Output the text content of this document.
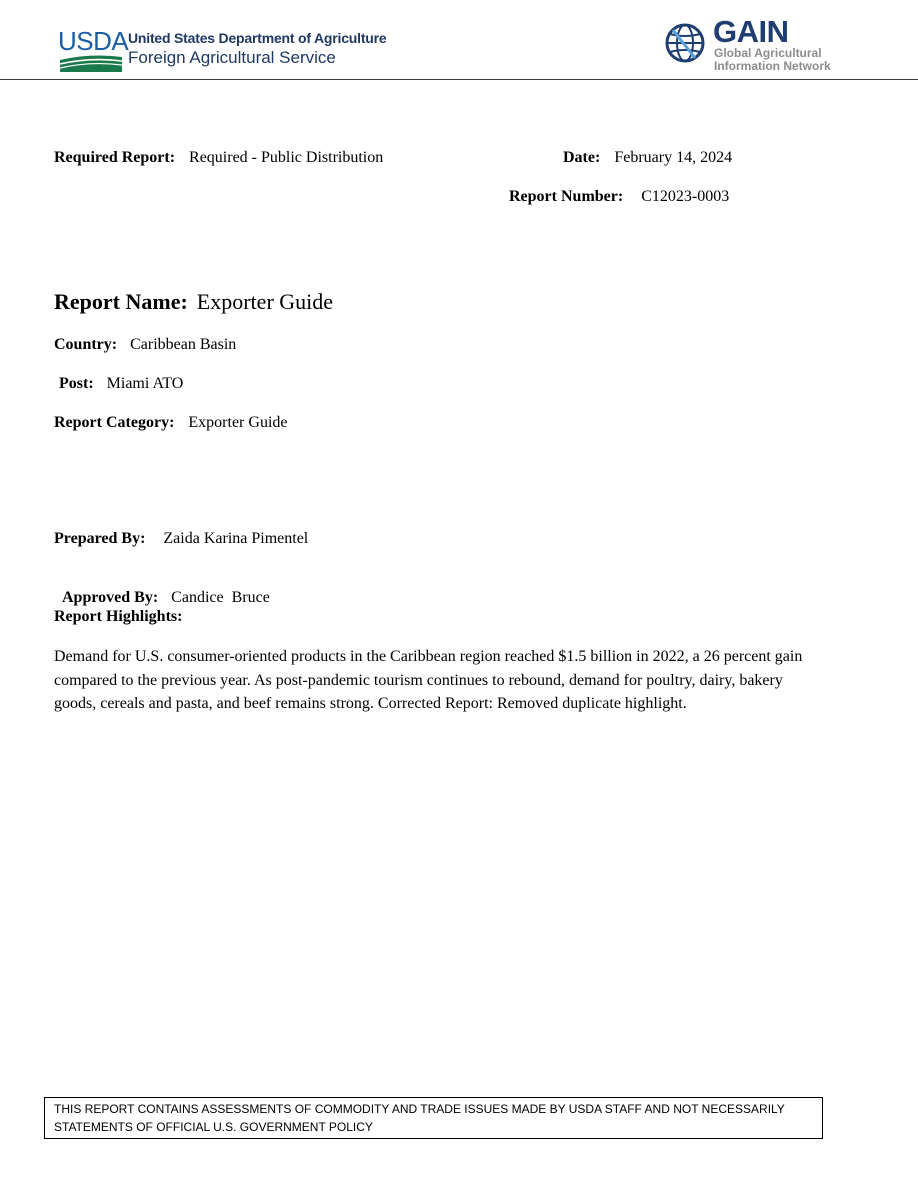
USDA United States Department of Agriculture
Foreign Agricultural Service
GAIN
Global Agricultural
Information Network
Required Report: Required - Public Distribution	Date: February 14, 2024
Report Number: C12023-0003
Report Name: Exporter Guide
Country: Caribbean Basin
Post: Miami ATO
Report Category: Exporter Guide
Prepared By: Zaida Karina Pimentel

Approved By: Candice  Bruce

Report Highlights:
Demand for U.S. consumer-oriented products in the Caribbean region reached $1.5 billion in 2022, a 26 percent gain compared to the previous year. As post-pandemic tourism continues to rebound, demand for poultry, dairy, bakery goods, cereals and pasta, and beef remains strong. Corrected Report: Removed duplicate highlight.
THIS REPORT CONTAINS ASSESSMENTS OF COMMODITY AND TRADE ISSUES MADE BY USDA STAFF AND NOT NECESSARILY STATEMENTS OF OFFICIAL U.S. GOVERNMENT POLICY
